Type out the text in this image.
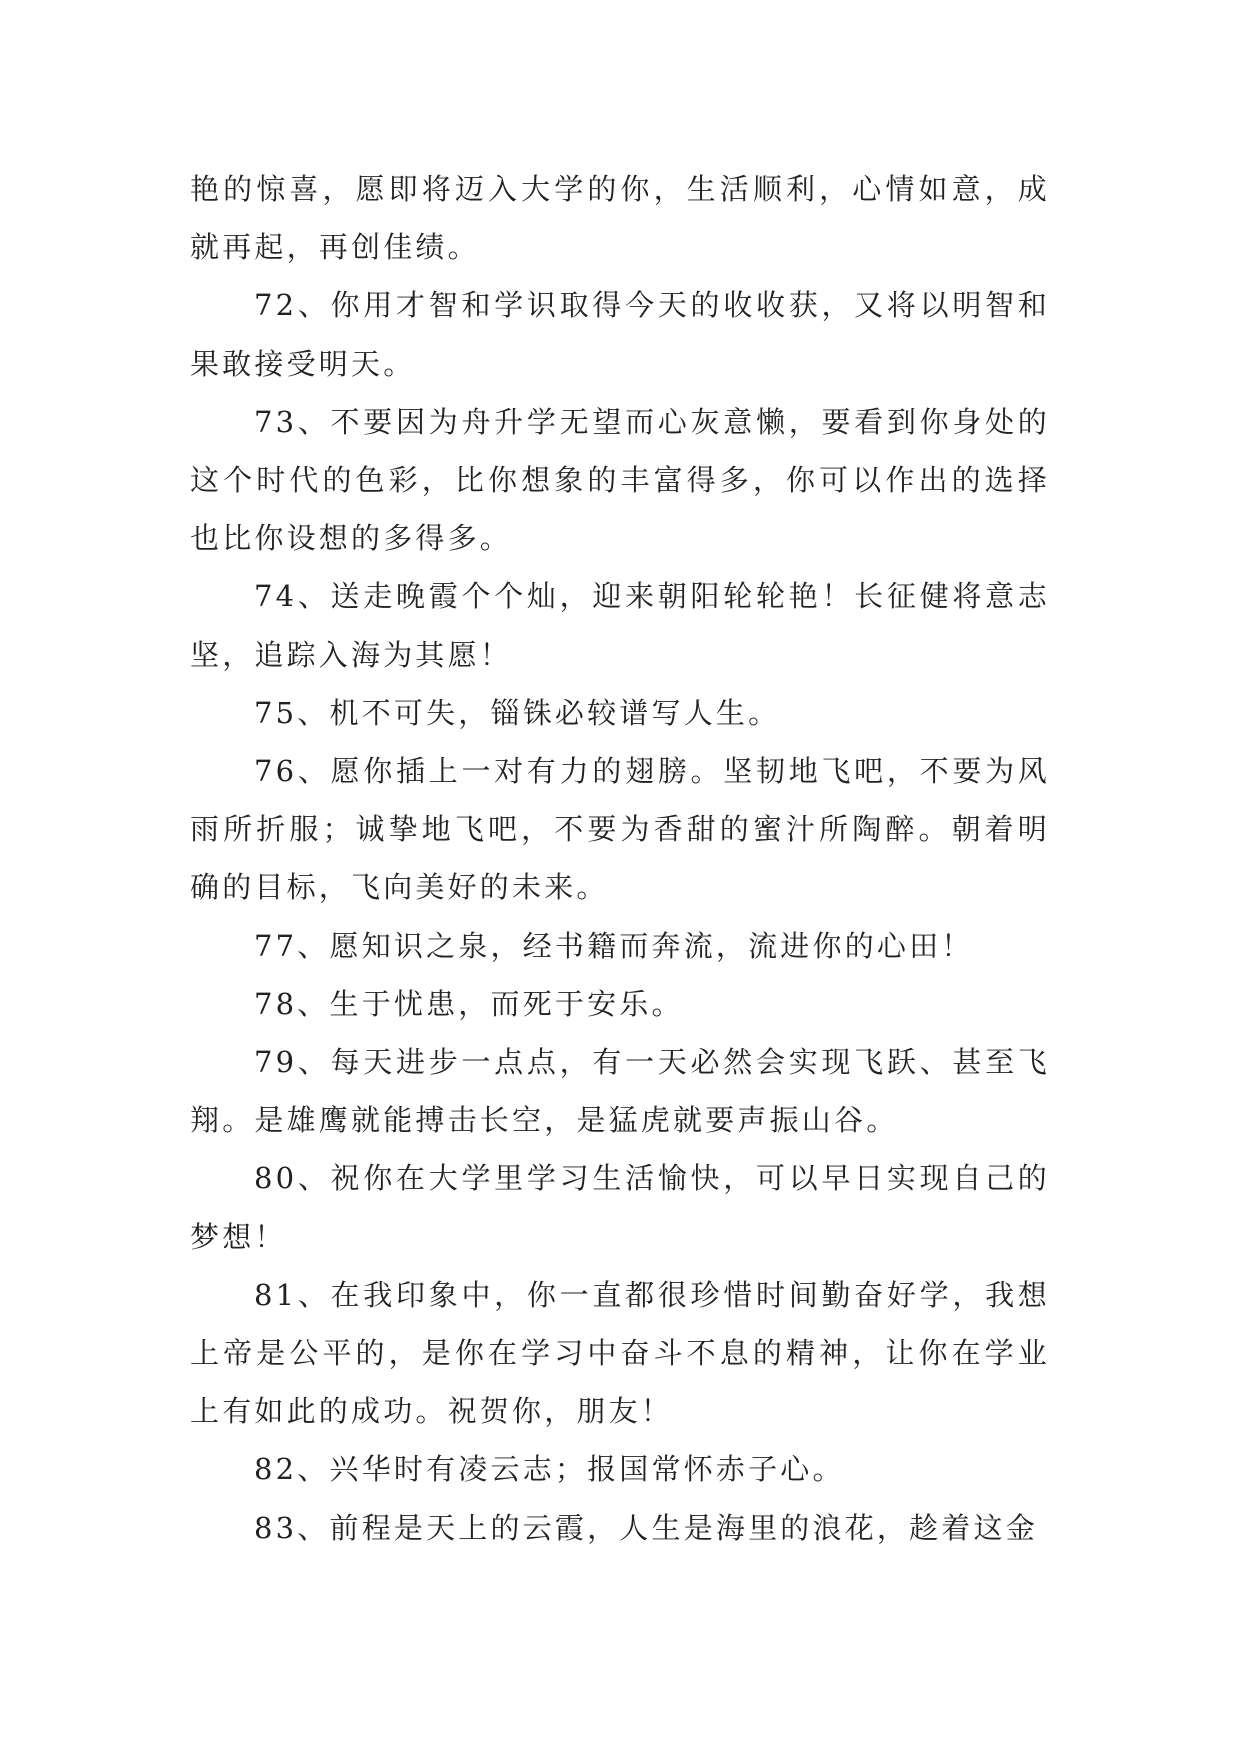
艳的惊喜，愿即将迈入大学的你，生活顺利，心情如意，成就再起，再创佳绩。

72、你用才智和学识取得今天的收收获，又将以明智和果敢接受明天。

73、不要因为舟升学无望而心灰意懒，要看到你身处的这个时代的色彩，比你想象的丰富得多，你可以作出的选择也比你设想的多得多。

74、送走晚霞个个灿，迎来朝阳轮轮艳！长征健将意志坚，追踪入海为其愿！

75、机不可失，锱铢必较谱写人生。

76、愿你插上一对有力的翅膀。坚韧地飞吧，不要为风雨所折服；诚挚地飞吧，不要为香甜的蜜汁所陶醉。朝着明确的目标，飞向美好的未来。

77、愿知识之泉，经书籍而奔流，流进你的心田！

78、生于忧患，而死于安乐。

79、每天进步一点点，有一天必然会实现飞跃、甚至飞翔。是雄鹰就能搏击长空，是猛虎就要声振山谷。

80、祝你在大学里学习生活愉快，可以早日实现自己的梦想！

81、在我印象中，你一直都很珍惜时间勤奋好学，我想上帝是公平的，是你在学习中奋斗不息的精神，让你在学业上有如此的成功。祝贺你，朋友！

82、兴华时有凌云志；报国常怀赤子心。

83、前程是天上的云霞，人生是海里的浪花，趁着这金
